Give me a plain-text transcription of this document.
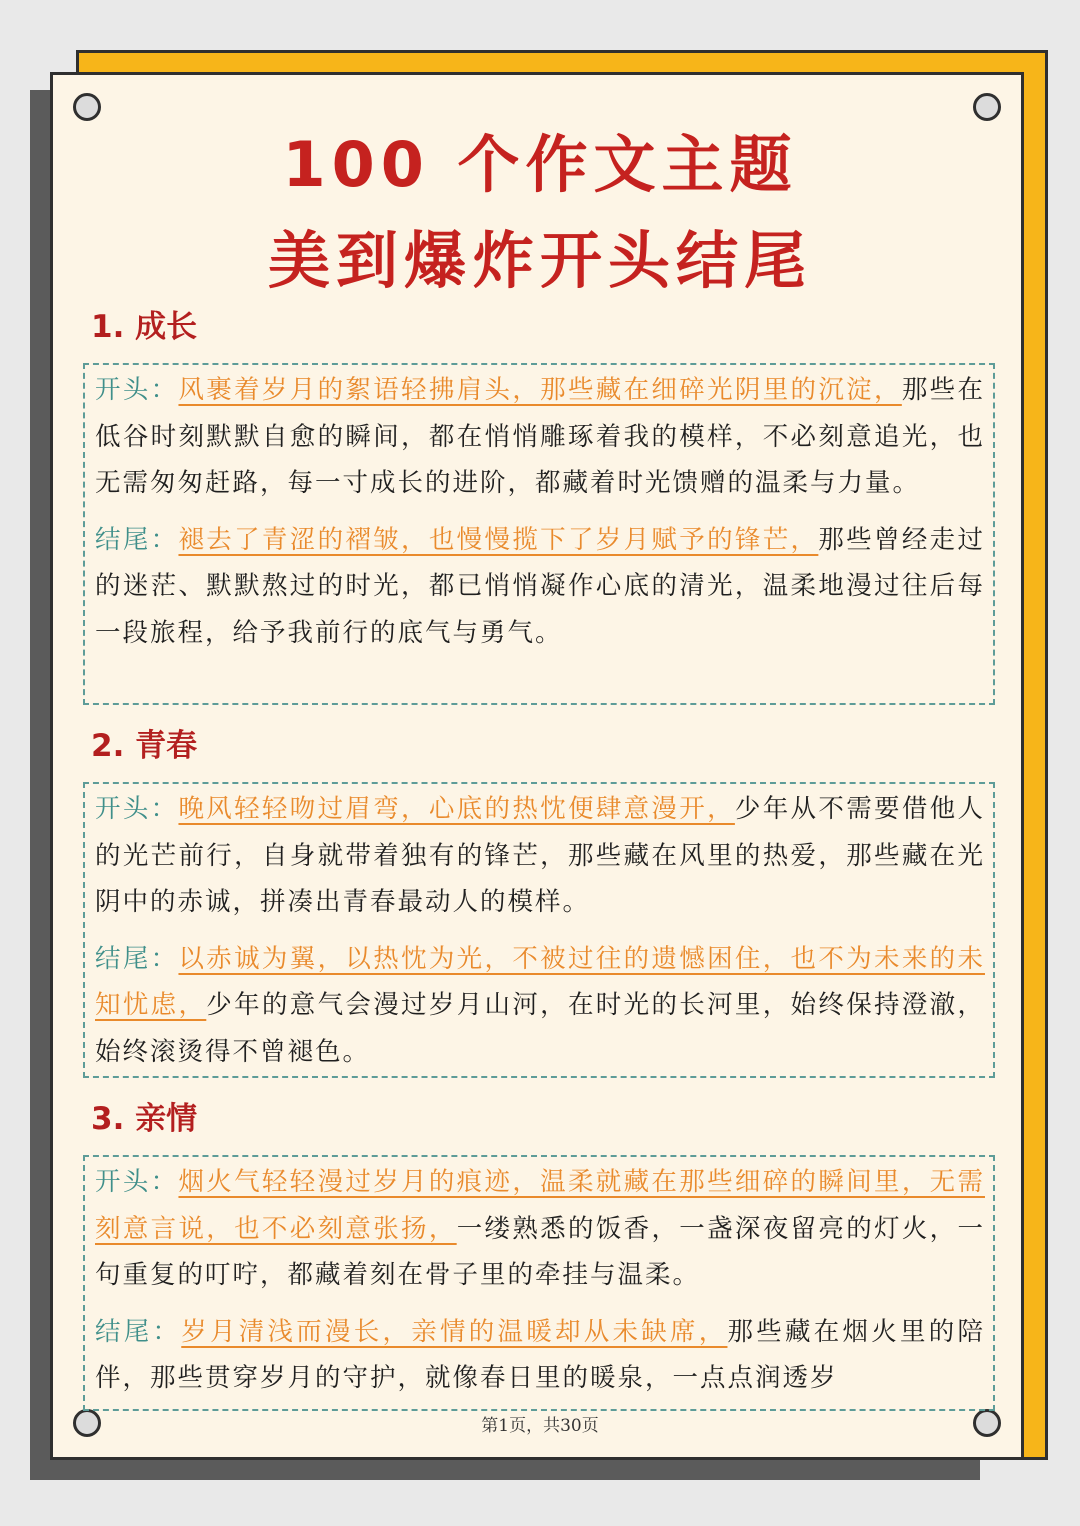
100 个作文主题
美到爆炸开头结尾
1. 成长
开头：风裹着岁月的絮语轻拂肩头，那些藏在细碎光阴里的沉淀，那些在低谷时刻默默自愈的瞬间，都在悄悄雕琢着我的模样，不必刻意追光，也无需匆匆赶路，每一寸成长的进阶，都藏着时光馈赠的温柔与力量。
结尾：褪去了青涩的褶皱，也慢慢揽下了岁月赋予的锋芒，那些曾经走过的迷茫、默默熬过的时光，都已悄悄凝作心底的清光，温柔地漫过往后每一段旅程，给予我前行的底气与勇气。
2. 青春
开头：晚风轻轻吻过眉弯，心底的热忱便肆意漫开，少年从不需要借他人的光芒前行，自身就带着独有的锋芒，那些藏在风里的热爱，那些藏在光阴中的赤诚，拼凑出青春最动人的模样。
结尾：以赤诚为翼，以热忱为光，不被过往的遗憾困住，也不为未来的未知忧虑，少年的意气会漫过岁月山河，在时光的长河里，始终保持澄澈，始终滚烫得不曾褪色。
3. 亲情
开头：烟火气轻轻漫过岁月的痕迹，温柔就藏在那些细碎的瞬间里，无需刻意言说，也不必刻意张扬，一缕熟悉的饭香，一盏深夜留亮的灯火，一句重复的叮咛，都藏着刻在骨子里的牵挂与温柔。
结尾：岁月清浅而漫长，亲情的温暖却从未缺席，那些藏在烟火里的陪伴，那些贯穿岁月的守护，就像春日里的暖泉，一点点润透岁
第1页，共30页
